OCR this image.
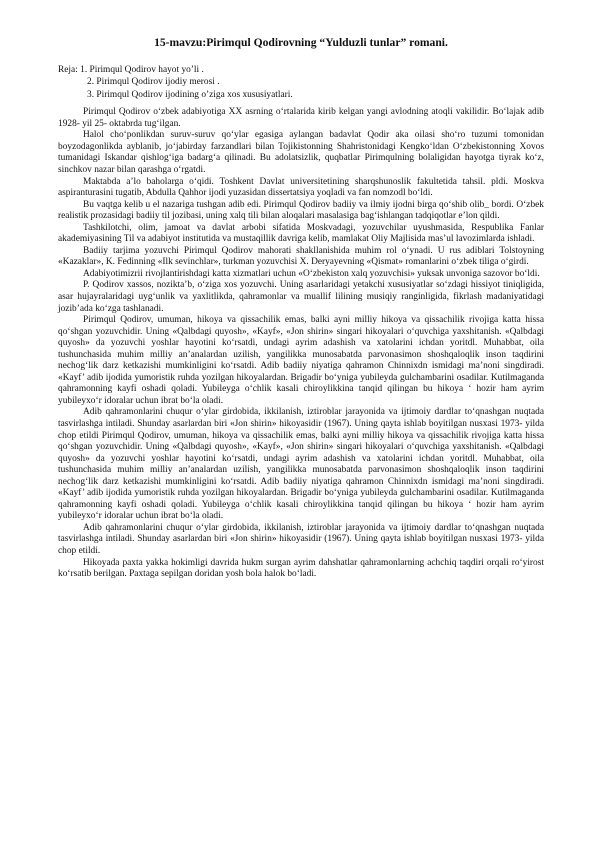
15-mavzu:Pirimqul Qodirovning “Yulduzli tunlar” romani.
Reja: 1. Pirimqul Qodirov hayot yo’li .
2. Pirimqul Qodirov ijodiy merosi .
3. Pirimqul Qodirov ijodining o’ziga xos xususiyatlari.

Pirimqul Qodirov o‘zbek adabiyotiga XX asrning o‘rtalarida kirib kelgan yangi avlodning atoqli vakilidir. Bo‘lajak adib 1928- yil 25- oktabrda tug‘ilgan.

Halol cho‘ponlikdan suruv-suruv qo‘ylar egasiga aylangan badavlat Qodir aka oilasi sho‘ro tuzumi tomonidan boyzodagonlikda ayblanib, jo‘jabirday farzandlari bilan Tojikistonning Shahristonidagi Kengko‘ldan O‘zbekistonning Xovos tumanidagi Iskandar qishlog‘iga badarg‘a qilinadi. Bu adolatsizlik, quqbatlar Pirimqulning bolaligidan hayotga tiyrak ko‘z, sinchkov nazar bilan qarashga o‘rgatdi.

Maktabda a’lo baholarga o‘qidi. Toshkent Davlat universitetining sharqshunoslik fakultetida tahsil. pldi. Moskva aspiranturasini tugatib, Abdulla Qahhor ijodi yuzasidan dissertatsiya yoqladi va fan nomzodl bo‘ldi.

Bu vaqtga kelib u el nazariga tushgan adib edi. Pirimqul Qodirov badiiy va ilmiy ijodni birga qo‘shib olib_ bordi. O‘zbek realistik prozasidagi badiiy til jozibasi, uning xalq tili bilan aloqalari masalasiga bag‘ishlangan tadqiqotlar e’lon qildi.

Tashkilotchi, olim, jamoat va davlat arbobi sifatida Moskvadagi, yozuvchilar uyushmasida, Respublika Fanlar akademiyasining Til va adabiyot institutida va mustaqillik davriga kelib, mamlakat Oliy Majlisida mas’ul lavozimlarda ishladi.

Badiiy tarjima yozuvchi Pirimqul Qodirov mahorati shakllanishida muhim rol o‘ynadi. U rus adiblari Tolstoyning «Kazaklar», K. Fedinning «Ilk sevinchlar», turkman yozuvchisi X. Deryayevning «Qismat» romanlarini o‘zbek tiliga o‘girdi.

Adabiyotimizrii rivojlantirishdagi katta xizmatlari uchun «O‘zbekiston xalq yozuvchisi» yuksak unvoniga sazovor bo‘ldi.

P. Qodirov xassos, nozikta’b, o‘ziga xos yozuvchi. Uning asarlaridagi yetakchi xususiyatlar so‘zdagi hissiyot tiniqligida, asar hujayralaridagi uyg‘unlik va yaxlitlikda, qahramonlar va muallif lilining musiqiy ranginligida, fikrlash madaniyatidagi jozib’ada ko‘zga tashlanadi.

Pirimqul Qodirov, umuman, hikoya va qissachilik emas, balki ayni milliy hikoya va qissachilik rivojiga katta hissa qo‘shgan yozuvchidir. Uning «Qalbdagi quyosh», «Kayf», «Jon shirin» singari hikoyalari o‘quvchiga yaxshitanish. «Qalbdagi quyosh» da yozuvchi yoshlar hayotini ko‘rsatdi, undagi ayrim adashish va xatolarini ichdan yoritdl. Muhabbat, oila tushunchasida muhim milliy an’analardan uzilish, yangilikka munosabatda parvonasimon shoshqaloqlik inson taqdirini nechog‘lik darz ketkazishi mumkinligini ko‘rsatdi. Adib badiiy niyatiga qahramon Chinnixdn ismidagi ma’noni singdiradi. «Kayf’ adib ijodida yumoristik ruhda yozilgan hikoyalardan. Brigadir bo‘yniga yubileyda gulchambarini osadilar. Kutilmaganda qahramonning kayfi oshadi qoladi. Yubileyga o‘chlik kasali chiroylikkina tanqid qilingan bu hikoya ‘ hozir ham ayrim yubileyxo‘r idoralar uchun ibrat bo‘la oladi.

Adib qahramonlarini chuqur o‘ylar girdobida, ikkilanish, iztiroblar jarayonida va ijtimoiy dardlar to‘qnashgan nuqtada tasvirlashga intiladi. Shunday asarlardan biri «Jon shirin» hikoyasidir (1967). Uning qayta ishlab boyitilgan nusxasi 1973- yilda chop etildi Pirimqul Qodirov, umuman, hikoya va qissachilik emas, balki ayni milliy hikoya va qissachilik rivojiga katta hissa qo‘shgan yozuvchidir. Uning «Qalbdagi quyosh», «Kayf», «Jon shirin» singari hikoyalari o‘quvchiga yaxshitanish. «Qalbdagi quyosh» da yozuvchi yoshlar hayotini ko‘rsatdi, undagi ayrim adashish va xatolarini ichdan yoritdl. Muhabbat, oila tushunchasida muhim milliy an’analardan uzilish, yangilikka munosabatda parvonasimon shoshqaloqlik inson taqdirini nechog‘lik darz ketkazishi mumkinligini ko‘rsatdi. Adib badiiy niyatiga qahramon Chinnixdn ismidagi ma’noni singdiradi. «Kayf’ adib ijodida yumoristik ruhda yozilgan hikoyalardan. Brigadir bo‘yniga yubileyda gulchambarini osadilar. Kutilmaganda qahramonning kayfi oshadi qoladi. Yubileyga o‘chlik kasali chiroylikkina tanqid qilingan bu hikoya ‘ hozir ham ayrim yubileyxo‘r idoralar uchun ibrat bo‘la oladi.

Adib qahramonlarini chuqur o‘ylar girdobida, ikkilanish, iztiroblar jarayonida va ijtimoiy dardlar to‘qnashgan nuqtada tasvirlashga intiladi. Shunday asarlardan biri «Jon shirin» hikoyasidir (1967). Uning qayta ishlab boyitilgan nusxasi 1973- yilda chop etildi.

Hikoyada paxta yakka hokimligi davrida hukm surgan ayrim dahshatlar qahramonlarning achchiq taqdiri orqali ro‘yirost ko‘rsatib berilgan. Paxtaga sepilgan doridan yosh bola halok bo‘ladi.
